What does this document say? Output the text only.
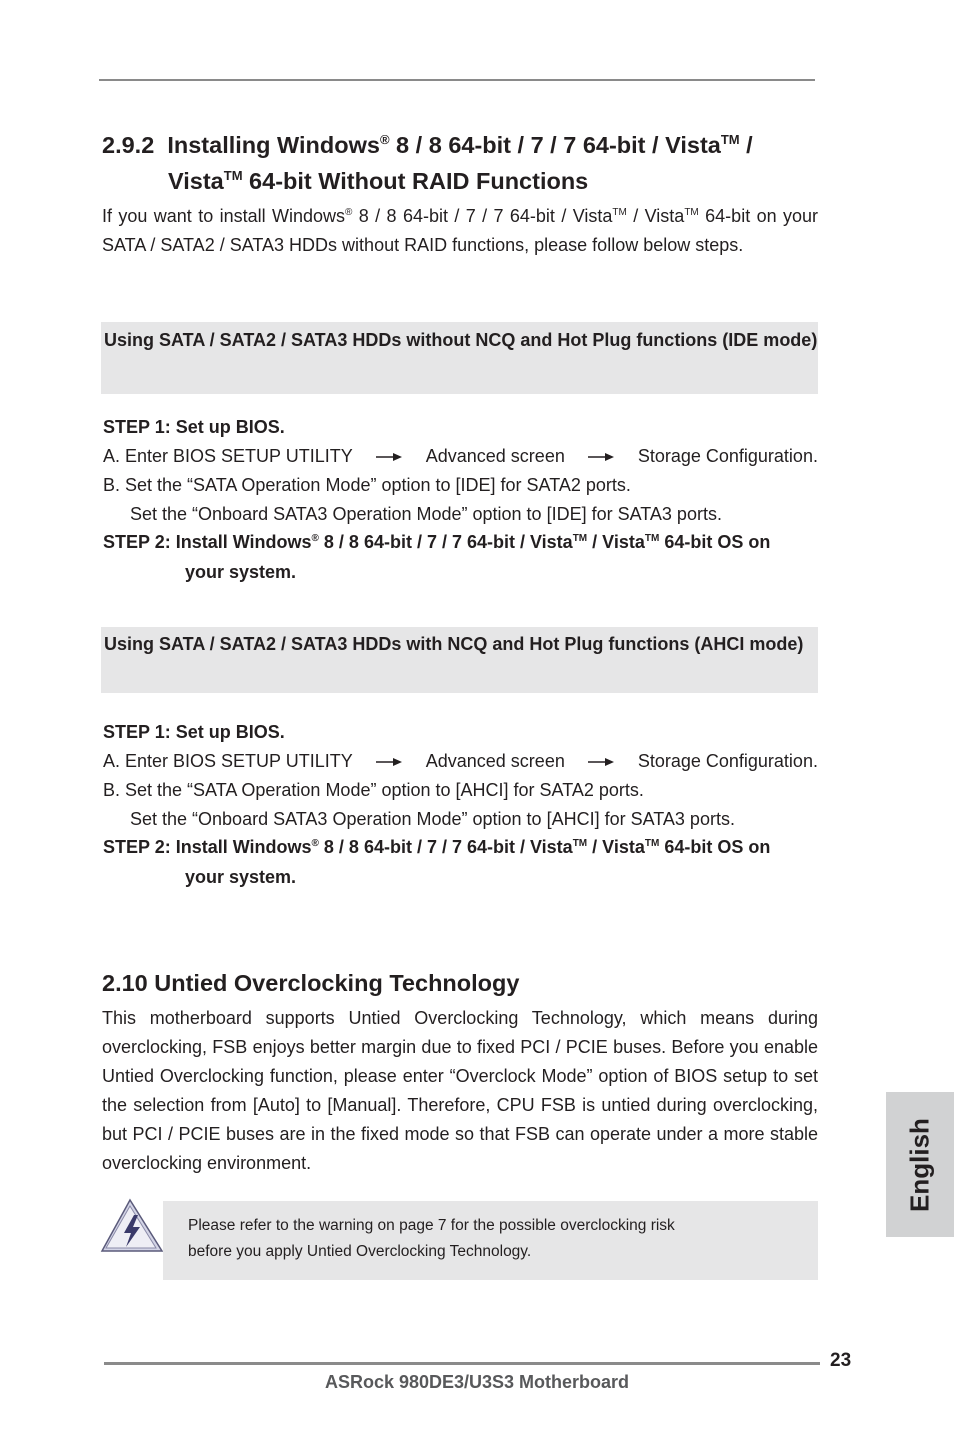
2.9.2 Installing Windows® 8 / 8 64-bit / 7 / 7 64-bit / Vista™ /
Vista™ 64-bit Without RAID Functions
If you want to install Windows® 8 / 8 64-bit / 7 / 7 64-bit / Vista™ / Vista™ 64-bit on your SATA / SATA2 / SATA3 HDDs without RAID functions, please follow below steps.
Using SATA / SATA2 / SATA3 HDDs without NCQ and Hot Plug functions (IDE mode)
STEP 1: Set up BIOS.
A. Enter BIOS SETUP UTILITY	Advanced screen	Storage Configuration.
B. Set the “SATA Operation Mode” option to [IDE] for SATA2 ports.
Set the “Onboard SATA3 Operation Mode” option to [IDE] for SATA3 ports.
STEP 2: Install Windows® 8 / 8 64-bit / 7 / 7 64-bit / Vista™ / Vista™ 64-bit OS on
your system.
Using SATA / SATA2 / SATA3 HDDs with NCQ and Hot Plug functions (AHCI mode)
STEP 1: Set up BIOS.
A. Enter BIOS SETUP UTILITY	Advanced screen	Storage Configuration.
B. Set the “SATA Operation Mode” option to [AHCI] for SATA2 ports.
Set the “Onboard SATA3 Operation Mode” option to [AHCI] for SATA3 ports.
STEP 2: Install Windows® 8 / 8 64-bit / 7 / 7 64-bit / Vista™ / Vista™ 64-bit OS on
your system.
2.10 Untied Overclocking Technology
This motherboard supports Untied Overclocking Technology, which means during overclocking, FSB enjoys better margin due to fixed PCI / PCIE buses. Before you enable Untied Overclocking function, please enter “Overclock Mode” option of BIOS setup to set the selection from [Auto] to [Manual]. Therefore, CPU FSB is untied during overclocking, but PCI / PCIE buses are in the fixed mode so that FSB can operate under a more stable overclocking environment.
Please refer to the warning on page 7 for the possible overclocking risk
before you apply Untied Overclocking Technology.
English
23
ASRock 980DE3/U3S3 Motherboard
